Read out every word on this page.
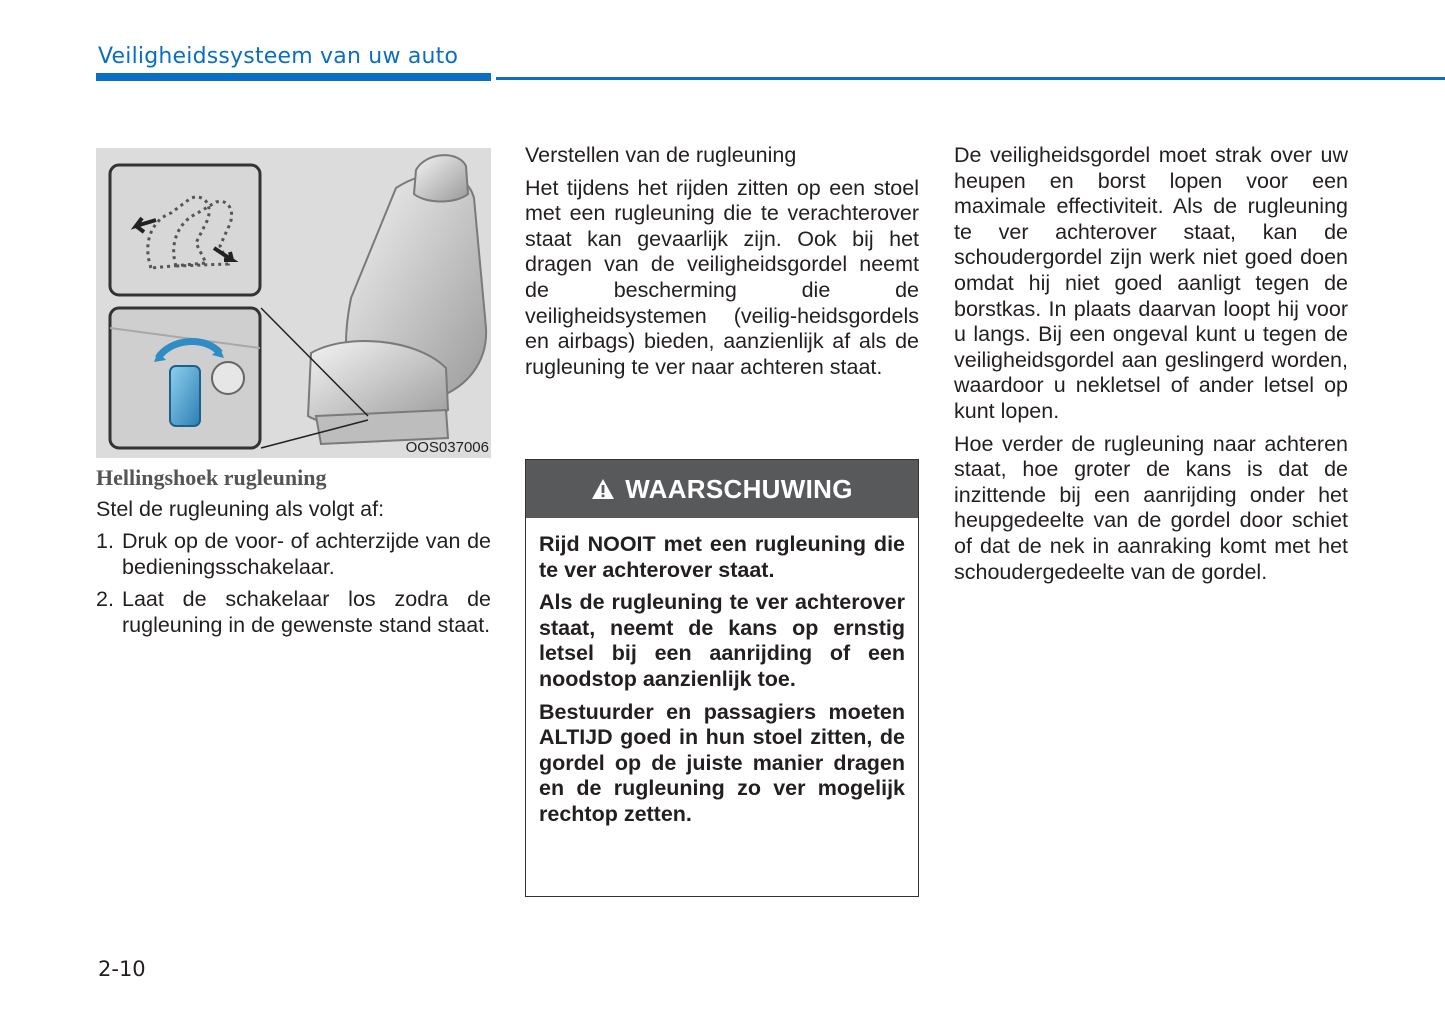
Veiligheidssysteem van uw auto
OOS037006

Hellingshoek rugleuning

Stel de rugleuning als volgt af:

1. Druk op de voor- of achterzijde van de bedieningsschakelaar.
2. Laat de schakelaar los zodra de rugleuning in de gewenste stand staat.

Verstellen van de rugleuning

Het tijdens het rijden zitten op een stoel met een rugleuning die te verachterover staat kan gevaarlijk zijn. Ook bij het dragen van de veiligheidsgordel neemt de bescherming die de veiligheidsystemen (veilig-heidsgordels en airbags) bieden, aanzienlijk af als de rugleuning te ver naar achteren staat.

WAARSCHUWING

Rijd NOOIT met een rugleuning die te ver achterover staat.

Als de rugleuning te ver achterover staat, neemt de kans op ernstig letsel bij een aanrijding of een noodstop aanzienlijk toe.

Bestuurder en passagiers moeten ALTIJD goed in hun stoel zitten, de gordel op de juiste manier dragen en de rugleuning zo ver mogelijk rechtop zetten.

De veiligheidsgordel moet strak over uw heupen en borst lopen voor een maximale effectiviteit. Als de rugleuning te ver achterover staat, kan de schoudergordel zijn werk niet goed doen omdat hij niet goed aanligt tegen de borstkas. In plaats daarvan loopt hij voor u langs. Bij een ongeval kunt u tegen de veiligheidsgordel aan geslingerd worden, waardoor u nekletsel of ander letsel op kunt lopen.

Hoe verder de rugleuning naar achteren staat, hoe groter de kans is dat de inzittende bij een aanrijding onder het heupgedeelte van de gordel door schiet of dat de nek in aanraking komt met het schoudergedeelte van de gordel.

2-10
